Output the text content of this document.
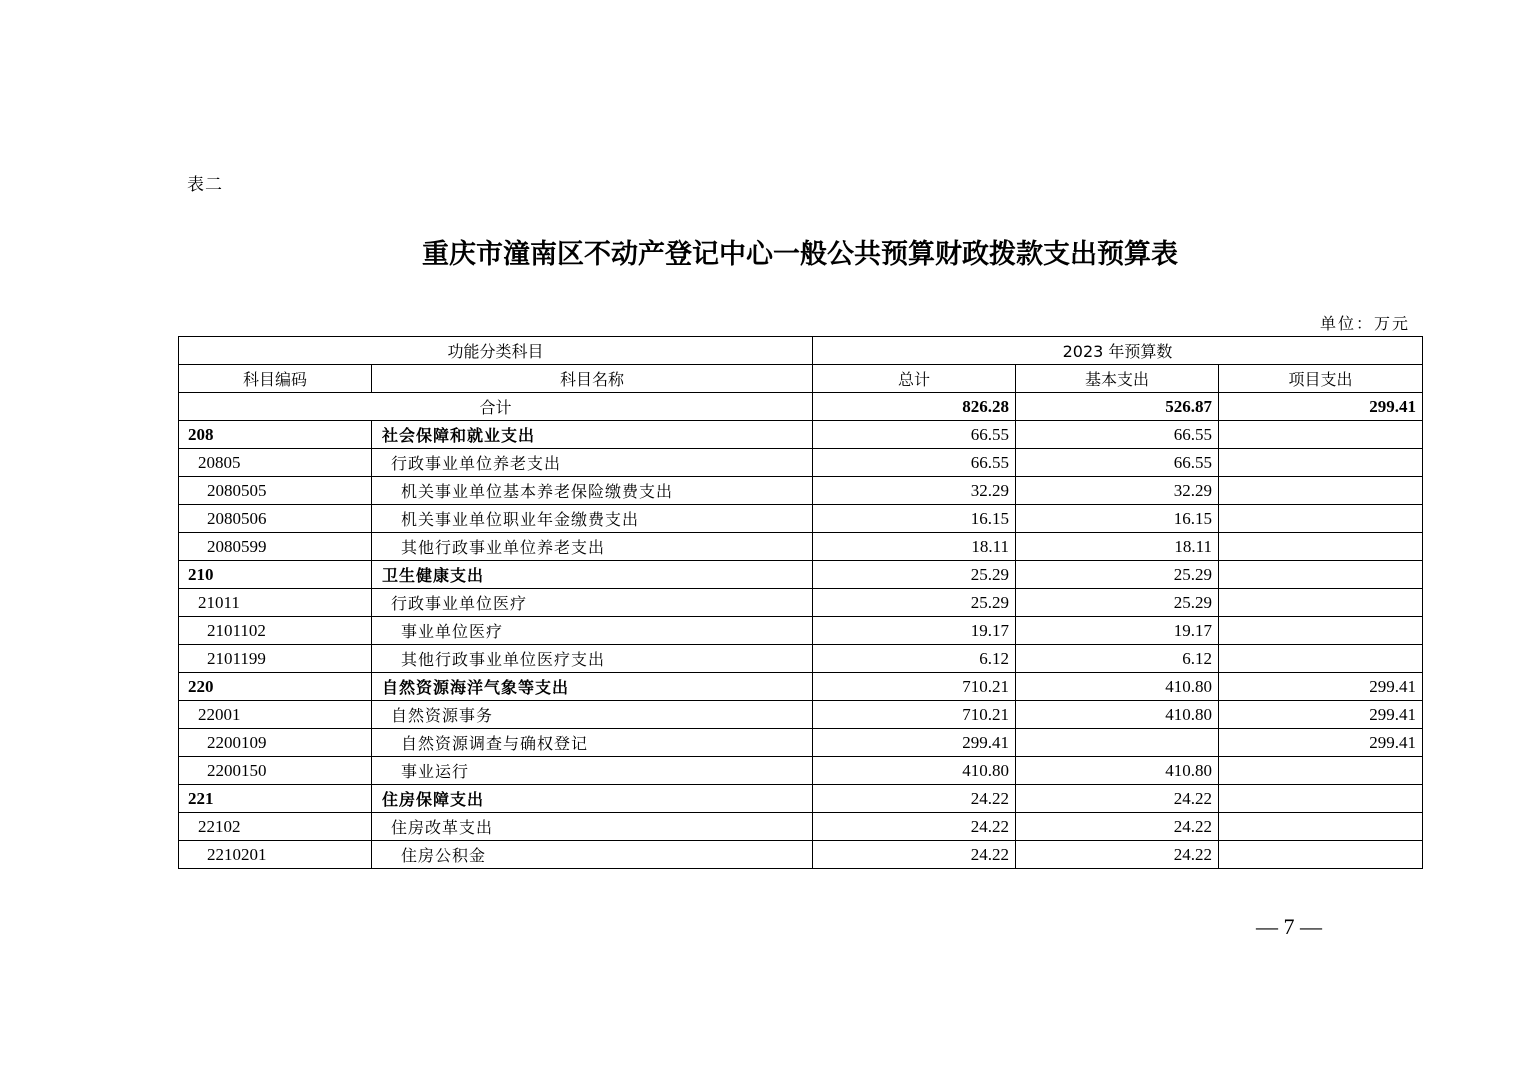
表二
重庆市潼南区不动产登记中心一般公共预算财政拨款支出预算表
单位：万元
功能分类科目		2023 年预算数		
科目编码	科目名称	总计	基本支出	项目支出
合计		826.28	526.87	299.41
208	社会保障和就业支出	66.55	66.55	
20805	行政事业单位养老支出	66.55	66.55	
2080505	机关事业单位基本养老保险缴费支出	32.29	32.29	
2080506	机关事业单位职业年金缴费支出	16.15	16.15	
2080599	其他行政事业单位养老支出	18.11	18.11	
210	卫生健康支出	25.29	25.29	
21011	行政事业单位医疗	25.29	25.29	
2101102	事业单位医疗	19.17	19.17	
2101199	其他行政事业单位医疗支出	6.12	6.12	
220	自然资源海洋气象等支出	710.21	410.80	299.41
22001	自然资源事务	710.21	410.80	299.41
2200109	自然资源调查与确权登记	299.41		299.41
2200150	事业运行	410.80	410.80	
221	住房保障支出	24.22	24.22	
22102	住房改革支出	24.22	24.22	
2210201	住房公积金	24.22	24.22	
— 7 —
